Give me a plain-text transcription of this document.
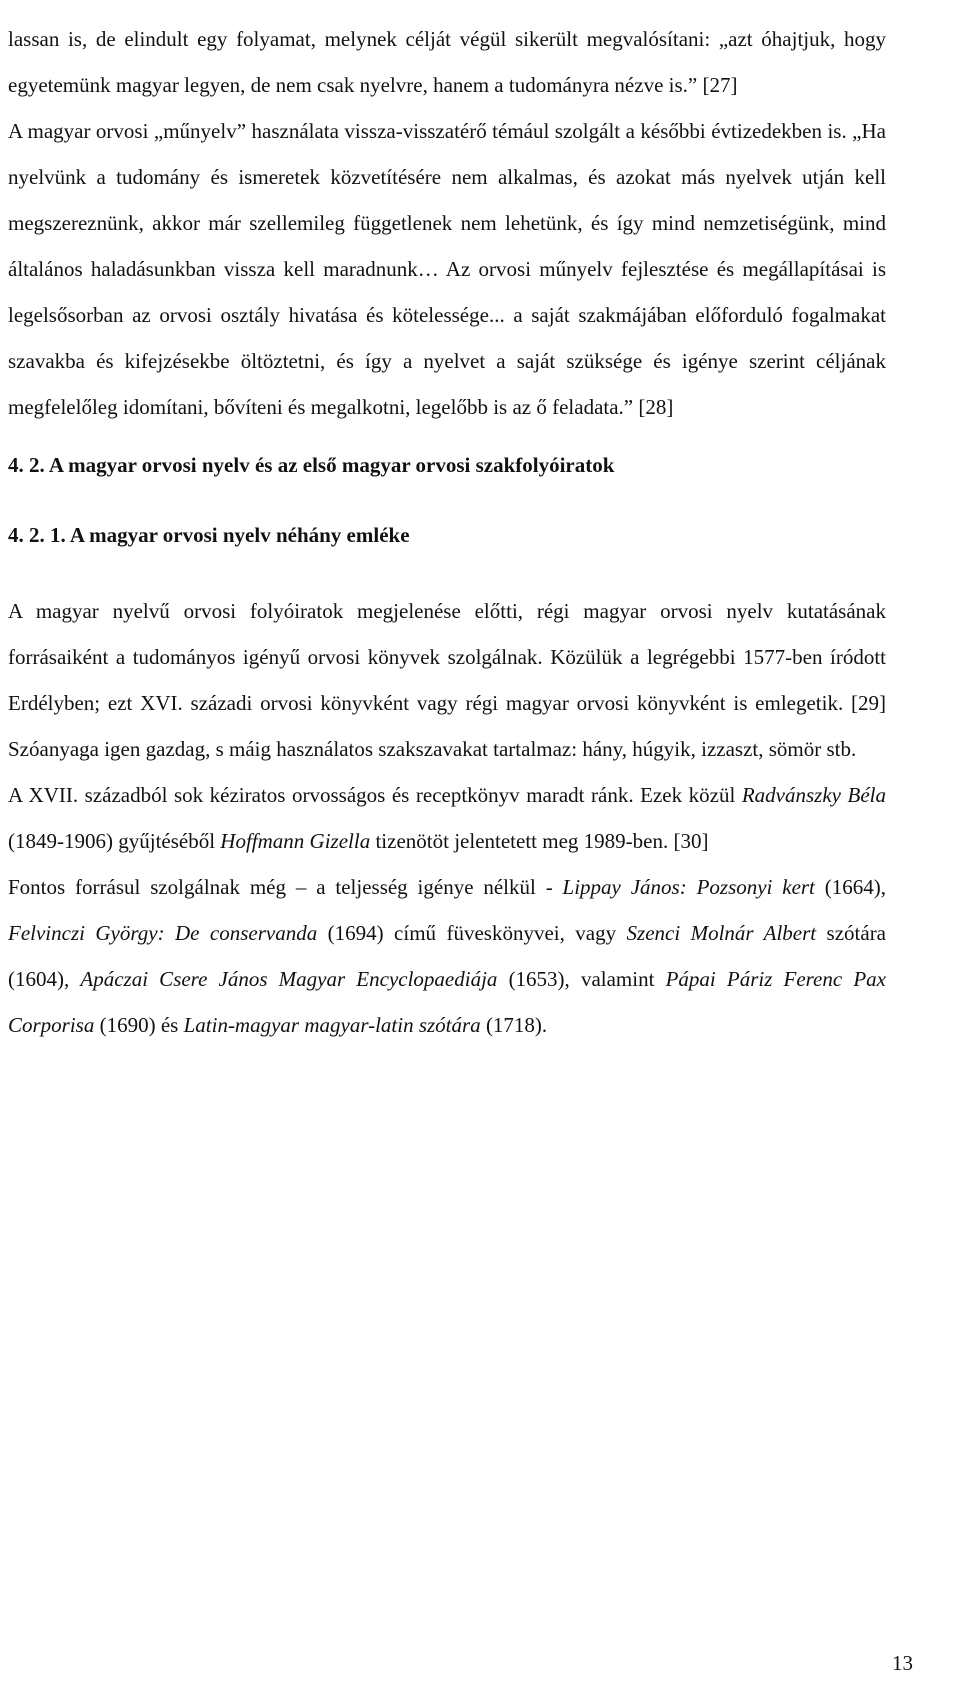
lassan is, de elindult egy folyamat, melynek célját végül sikerült megvalósítani: „azt óhajtjuk, hogy egyetemünk magyar legyen, de nem csak nyelvre, hanem a tudományra nézve is.” [27]

A magyar orvosi „műnyelv” használata vissza-visszatérő témául szolgált a későbbi évtizedekben is. „Ha nyelvünk a tudomány és ismeretek közvetítésére nem alkalmas, és azokat más nyelvek utján kell megszereznünk, akkor már szellemileg függetlenek nem lehetünk, és így mind nemzetiségünk, mind általános haladásunkban vissza kell maradnunk… Az orvosi műnyelv fejlesztése és megállapításai is legelsősorban az orvosi osztály hivatása és kötelessége... a saját szakmájában előforduló fogalmakat szavakba és kifejzésekbe öltöztetni, és így a nyelvet a saját szüksége és igénye szerint céljának megfelelőleg idomítani, bővíteni és megalkotni, legelőbb is az ő feladata.” [28]

4. 2. A magyar orvosi nyelv és az első magyar orvosi szakfolyóiratok

4. 2. 1. A magyar orvosi nyelv néhány emléke

A magyar nyelvű orvosi folyóiratok megjelenése előtti, régi magyar orvosi nyelv kutatásának forrásaiként a tudományos igényű orvosi könyvek szolgálnak. Közülük a legrégebbi 1577-ben íródott Erdélyben; ezt XVI. századi orvosi könyvként vagy régi magyar orvosi könyvként is emlegetik. [29] Szóanyaga igen gazdag, s máig használatos szakszavakat tartalmaz: hány, húgyik, izzaszt, sömör stb.

A XVII. századból sok kéziratos orvosságos és receptkönyv maradt ránk. Ezek közül Radvánszky Béla (1849-1906) gyűjtéséből Hoffmann Gizella tizenötöt jelentetett meg 1989-ben. [30]

Fontos forrásul szolgálnak még – a teljesség igénye nélkül - Lippay János: Pozsonyi kert (1664), Felvinczi György: De conservanda (1694) című füveskönyvei, vagy Szenci Molnár Albert szótára (1604), Apáczai Csere János Magyar Encyclopaediája (1653), valamint Pápai Páriz Ferenc Pax Corporisa (1690) és Latin-magyar magyar-latin szótára (1718).

13
